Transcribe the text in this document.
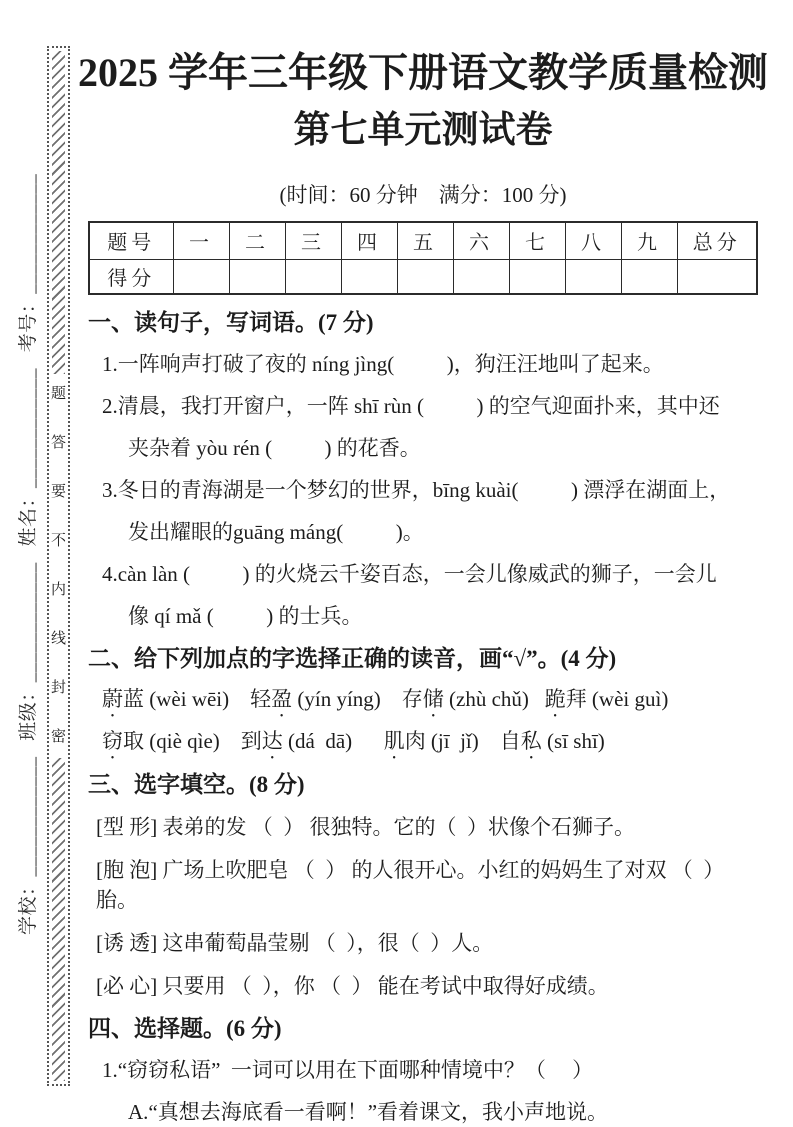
学校：____________   班级：____________   姓名：____________   考号：____________ 题
答
要
不
内
线
封
密
2025 学年三年级下册语文教学质量检测
第七单元测试卷
(时间：60 分钟    满分：100 分)
题号	一	二	三	四	五	六	七	八	九	总分
得分										
一、读句子，写词语。(7 分)
1.一阵响声打破了夜的 níng jìng(          )，狗汪汪地叫了起来。
2.清晨，我打开窗户，一阵 shī rùn (          ) 的空气迎面扑来，其中还
夹杂着 yòu rén (          ) 的花香。
3.冬日的青海湖是一个梦幻的世界，bīng kuài(          ) 漂浮在湖面上，
发出耀眼的guāng máng(          )。
4.càn làn (          ) 的火烧云千姿百态，一会儿像威武的狮子，一会儿
像 qí mǎ (          ) 的士兵。
二、给下列加点的字选择正确的读音，画“√”。(4 分)
蔚蓝 (wèi wēi)    轻盈 (yín yíng)    存储 (zhù chǔ)   跪拜 (wèi guì)
窃取 (qiè qìe)    到达 (dá  dā)      肌肉 (jī  jǐ)    自私 (sī shī)
三、选字填空。(8 分)
[型 形] 表弟的发 （  ） 很独特。它的（  ）状像个石狮子。
[胞 泡] 广场上吹肥皂 （  ） 的人很开心。小红的妈妈生了对双 （  ） 胎。
[诱 透] 这串葡萄晶莹剔 （  ），很（  ）人。
[必 心] 只要用 （  ），你 （  ） 能在考试中取得好成绩。
四、选择题。(6 分)
1.“窃窃私语”  一词可以用在下面哪种情境中？（     ）
A.“真想去海底看一看啊！”看着课文，我小声地说。
